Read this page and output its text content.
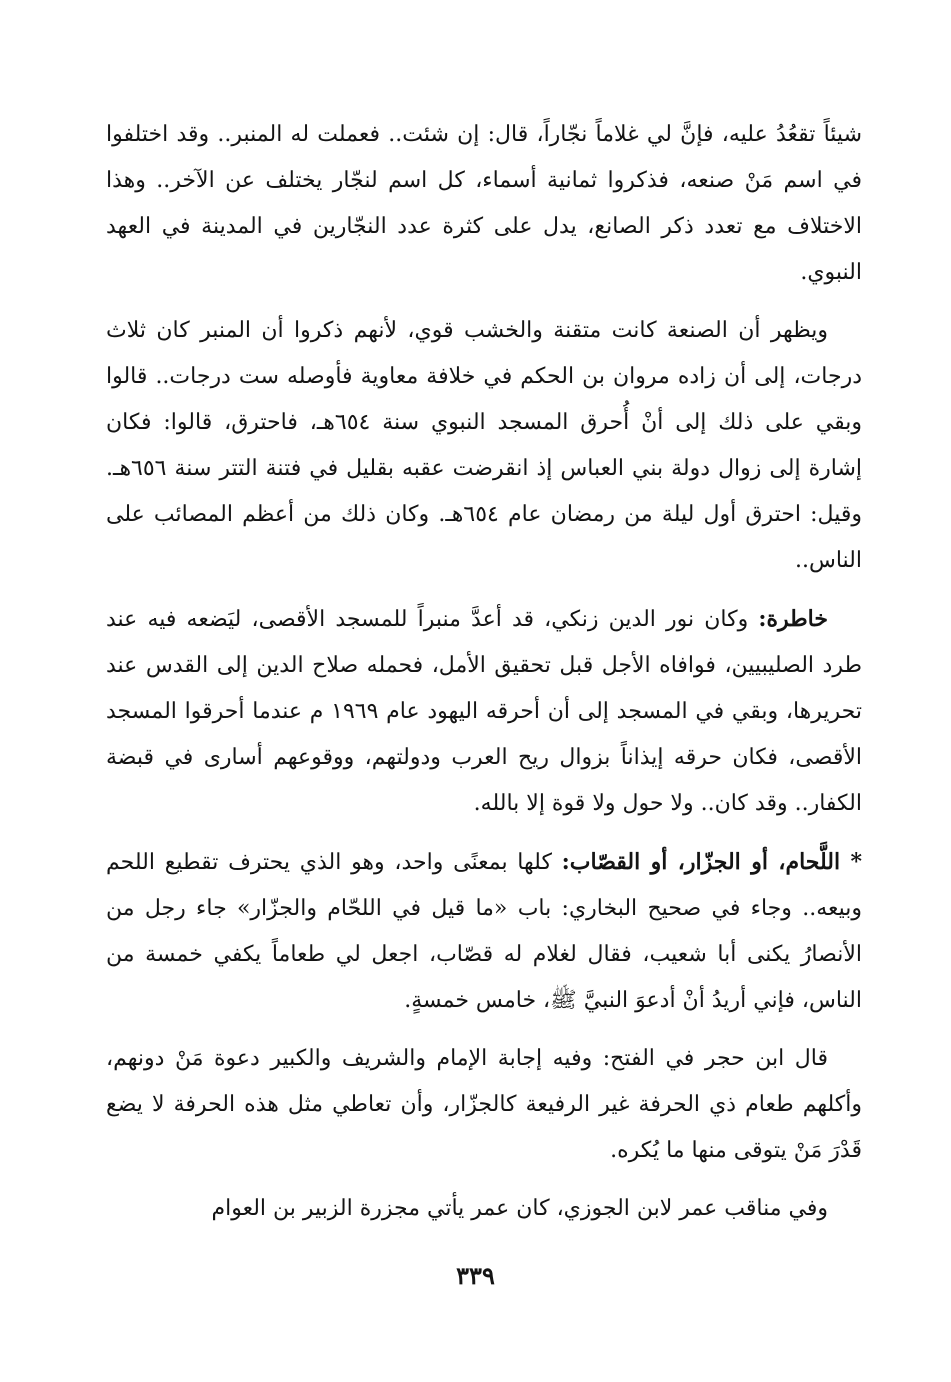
شيئاً تقعُدُ عليه، فإنَّ لي غلاماً نجّاراً، قال: إن شئت.. فعملت له المنبر.. وقد اختلفوا في اسم مَنْ صنعه، فذكروا ثمانية أسماء، كل اسم لنجّار يختلف عن الآخر.. وهذا الاختلاف مع تعدد ذكر الصانع، يدل على كثرة عدد النجّارين في المدينة في العهد النبوي.

ويظهر أن الصنعة كانت متقنة والخشب قوي، لأنهم ذكروا أن المنبر كان ثلاث درجات، إلى أن زاده مروان بن الحكم في خلافة معاوية فأوصله ست درجات.. قالوا وبقي على ذلك إلى أنْ أُحرق المسجد النبوي سنة ٦٥٤هـ، فاحترق، قالوا: فكان إشارة إلى زوال دولة بني العباس إذ انقرضت عقبه بقليل في فتنة التتر سنة ٦٥٦هـ. وقيل: احترق أول ليلة من رمضان عام ٦٥٤هـ. وكان ذلك من أعظم المصائب على الناس..

خاطرة: وكان نور الدين زنكي، قد أعدَّ منبراً للمسجد الأقصى، ليَضعه فيه عند طرد الصليبيين، فوافاه الأجل قبل تحقيق الأمل، فحمله صلاح الدين إلى القدس عند تحريرها، وبقي في المسجد إلى أن أحرقه اليهود عام ١٩٦٩ م عندما أحرقوا المسجد الأقصى، فكان حرقه إيذاناً بزوال ريح العرب ودولتهم، ووقوعهم أسارى في قبضة الكفار.. وقد كان.. ولا حول ولا قوة إلا بالله.

* اللَّحام، أو الجزّار، أو القصّاب: كلها بمعنًى واحد، وهو الذي يحترف تقطيع اللحم وبيعه.. وجاء في صحيح البخاري: باب «ما قيل في اللحّام والجزّار» جاء رجل من الأنصارُ يكنى أبا شعيب، فقال لغلام له قصّاب، اجعل لي طعاماً يكفي خمسة من الناس، فإني أريدُ أنْ أدعوَ النبيَّ ﷺ، خامس خمسةٍ.

قال ابن حجر في الفتح: وفيه إجابة الإمام والشريف والكبير دعوة مَنْ دونهم، وأكلهم طعام ذي الحرفة غير الرفيعة كالجزّار، وأن تعاطي مثل هذه الحرفة لا يضع قَدْرَ مَنْ يتوقى منها ما يُكره.

وفي مناقب عمر لابن الجوزي، كان عمر يأتي مجزرة الزبير بن العوام

٣٣٩
